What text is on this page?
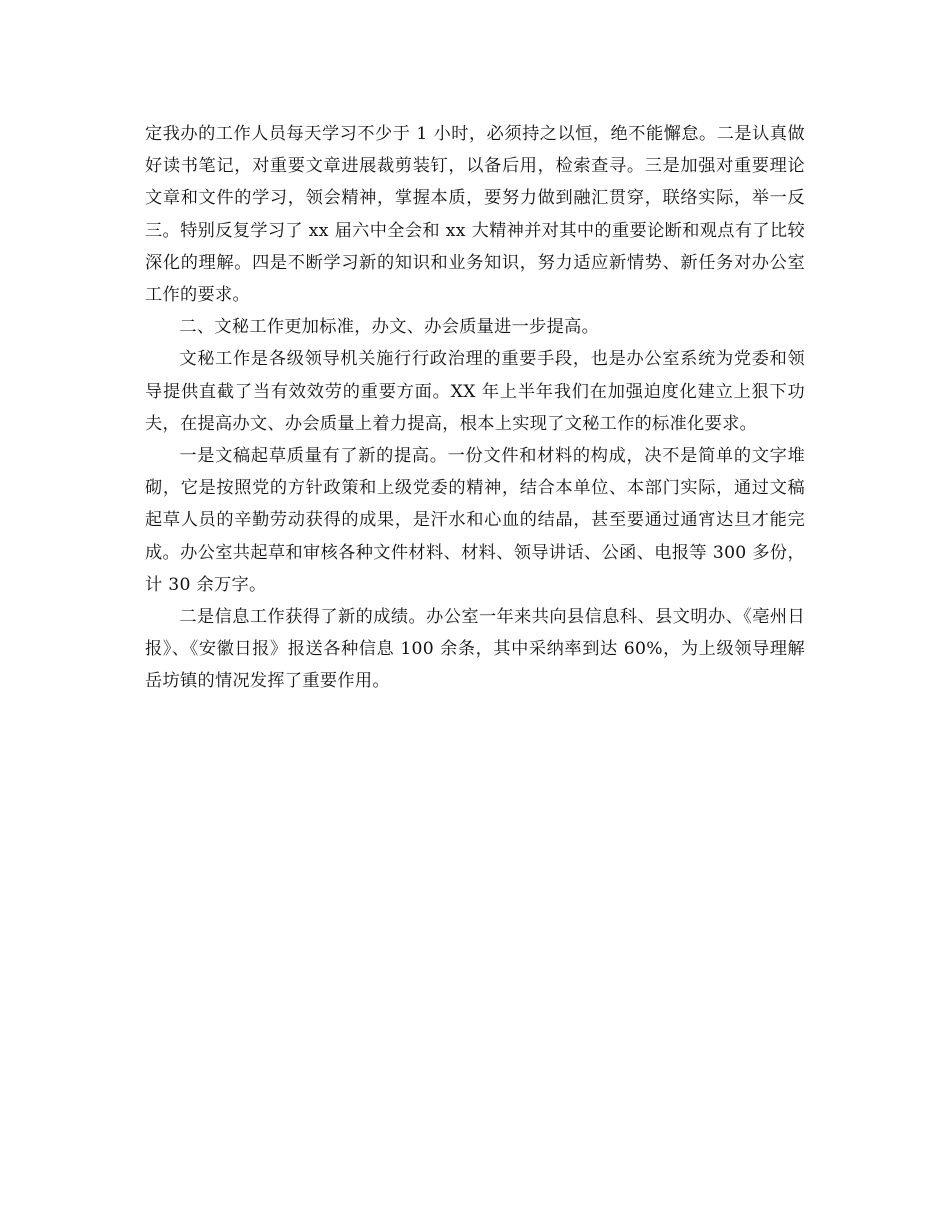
定我办的工作人员每天学习不少于 1 小时，必须持之以恒，绝不能懈怠。二是认真做好读书笔记，对重要文章进展裁剪装钉，以备后用，检索查寻。三是加强对重要理论文章和文件的学习，领会精神，掌握本质，要努力做到融汇贯穿，联络实际，举一反三。特别反复学习了 xx 届六中全会和 xx 大精神并对其中的重要论断和观点有了比较深化的理解。四是不断学习新的知识和业务知识，努力适应新情势、新任务对办公室工作的要求。

二、文秘工作更加标准，办文、办会质量进一步提高。

文秘工作是各级领导机关施行行政治理的重要手段，也是办公室系统为党委和领导提供直截了当有效效劳的重要方面。XX 年上半年我们在加强迫度化建立上狠下功夫，在提高办文、办会质量上着力提高，根本上实现了文秘工作的标准化要求。

一是文稿起草质量有了新的提高。一份文件和材料的构成，决不是简单的文字堆砌，它是按照党的方针政策和上级党委的精神，结合本单位、本部门实际，通过文稿起草人员的辛勤劳动获得的成果，是汗水和心血的结晶，甚至要通过通宵达旦才能完成。办公室共起草和审核各种文件材料、材料、领导讲话、公函、电报等 300 多份，计 30 余万字。

二是信息工作获得了新的成绩。办公室一年来共向县信息科、县文明办、《亳州日报》、《安徽日报》报送各种信息 100 余条，其中采纳率到达 60%，为上级领导理解岳坊镇的情况发挥了重要作用。
